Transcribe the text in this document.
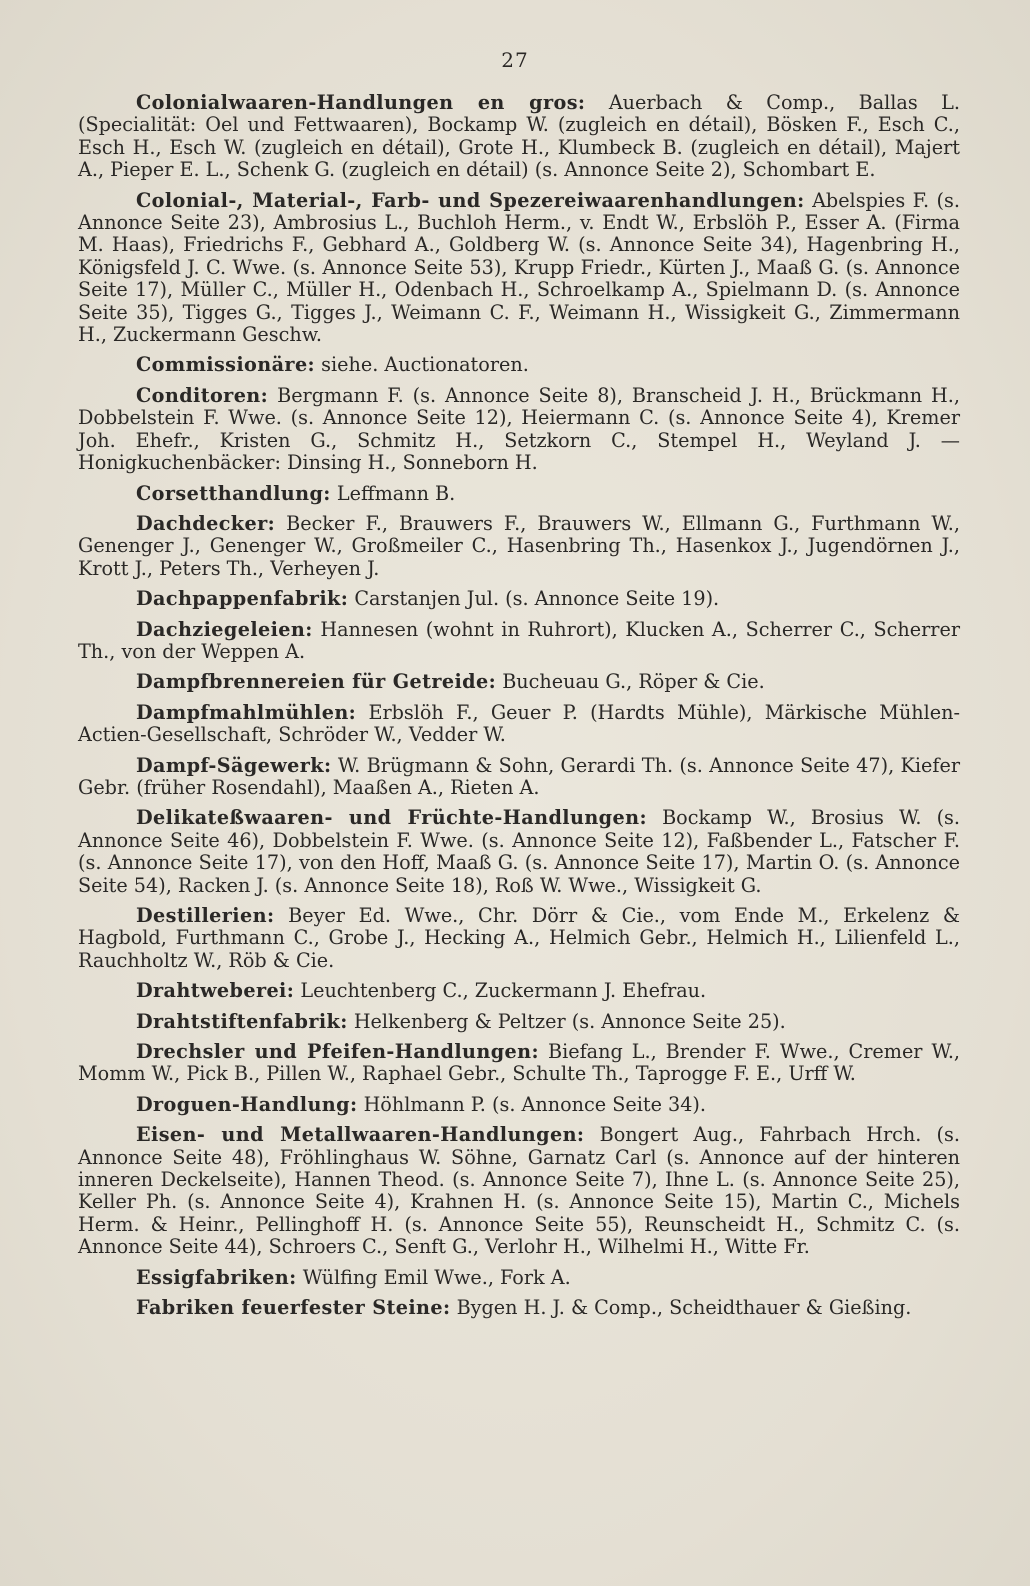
27

Colonialwaaren-Handlungen en gros: Auerbach & Comp., Ballas L. (Specialität: Oel und Fettwaaren), Bockamp W. (zugleich en détail), Bösken F., Esch C., Esch H., Esch W. (zugleich en détail), Grote H., Klumbeck B. (zugleich en détail), Majert A., Pieper E. L., Schenk G. (zugleich en détail) (s. Annonce Seite 2), Schombart E.

Colonial-, Material-, Farb- und Spezereiwaarenhandlungen: Abelspies F. (s. Annonce Seite 23), Ambrosius L., Buchloh Herm., v. Endt W., Erbslöh P., Esser A. (Firma M. Haas), Friedrichs F., Gebhard A., Goldberg W. (s. Annonce Seite 34), Hagenbring H., Königsfeld J. C. Wwe. (s. Annonce Seite 53), Krupp Friedr., Kürten J., Maaß G. (s. Annonce Seite 17), Müller C., Müller H., Odenbach H., Schroelkamp A., Spielmann D. (s. Annonce Seite 35), Tigges G., Tigges J., Weimann C. F., Weimann H., Wissigkeit G., Zimmermann H., Zuckermann Geschw.

Commissionäre: siehe. Auctionatoren.

Conditoren: Bergmann F. (s. Annonce Seite 8), Branscheid J. H., Brückmann H., Dobbelstein F. Wwe. (s. Annonce Seite 12), Heiermann C. (s. Annonce Seite 4), Kremer Joh. Ehefr., Kristen G., Schmitz H., Setzkorn C., Stempel H., Weyland J. — Honigkuchenbäcker: Dinsing H., Sonneborn H.

Corsetthandlung: Leffmann B.

Dachdecker: Becker F., Brauwers F., Brauwers W., Ellmann G., Furthmann W., Genenger J., Genenger W., Großmeiler C., Hasenbring Th., Hasenkox J., Jugendörnen J., Krott J., Peters Th., Verheyen J.

Dachpappenfabrik: Carstanjen Jul. (s. Annonce Seite 19).

Dachziegeleien: Hannesen (wohnt in Ruhrort), Klucken A., Scherrer C., Scherrer Th., von der Weppen A.

Dampfbrennereien für Getreide: Bucheuau G., Röper & Cie.

Dampfmahlmühlen: Erbslöh F., Geuer P. (Hardts Mühle), Märkische Mühlen-Actien-Gesellschaft, Schröder W., Vedder W.

Dampf-Sägewerk: W. Brügmann & Sohn, Gerardi Th. (s. Annonce Seite 47), Kiefer Gebr. (früher Rosendahl), Maaßen A., Rieten A.

Delikateßwaaren- und Früchte-Handlungen: Bockamp W., Brosius W. (s. Annonce Seite 46), Dobbelstein F. Wwe. (s. Annonce Seite 12), Faßbender L., Fatscher F. (s. Annonce Seite 17), von den Hoff, Maaß G. (s. Annonce Seite 17), Martin O. (s. Annonce Seite 54), Racken J. (s. Annonce Seite 18), Roß W. Wwe., Wissigkeit G.

Destillerien: Beyer Ed. Wwe., Chr. Dörr & Cie., vom Ende M., Erkelenz & Hagbold, Furthmann C., Grobe J., Hecking A., Helmich Gebr., Helmich H., Lilienfeld L., Rauchholtz W., Röb & Cie.

Drahtweberei: Leuchtenberg C., Zuckermann J. Ehefrau.

Drahtstiftenfabrik: Helkenberg & Peltzer (s. Annonce Seite 25).

Drechsler und Pfeifen-Handlungen: Biefang L., Brender F. Wwe., Cremer W., Momm W., Pick B., Pillen W., Raphael Gebr., Schulte Th., Taprogge F. E., Urff W.

Droguen-Handlung: Höhlmann P. (s. Annonce Seite 34).

Eisen- und Metallwaaren-Handlungen: Bongert Aug., Fahrbach Hrch. (s. Annonce Seite 48), Fröhlinghaus W. Söhne, Garnatz Carl (s. Annonce auf der hinteren inneren Deckelseite), Hannen Theod. (s. Annonce Seite 7), Ihne L. (s. Annonce Seite 25), Keller Ph. (s. Annonce Seite 4), Krahnen H. (s. Annonce Seite 15), Martin C., Michels Herm. & Heinr., Pellinghoff H. (s. Annonce Seite 55), Reunscheidt H., Schmitz C. (s. Annonce Seite 44), Schroers C., Senft G., Verlohr H., Wilhelmi H., Witte Fr.

Essigfabriken: Wülfing Emil Wwe., Fork A.

Fabriken feuerfester Steine: Bygen H. J. & Comp., Scheidthauer & Gießing.
